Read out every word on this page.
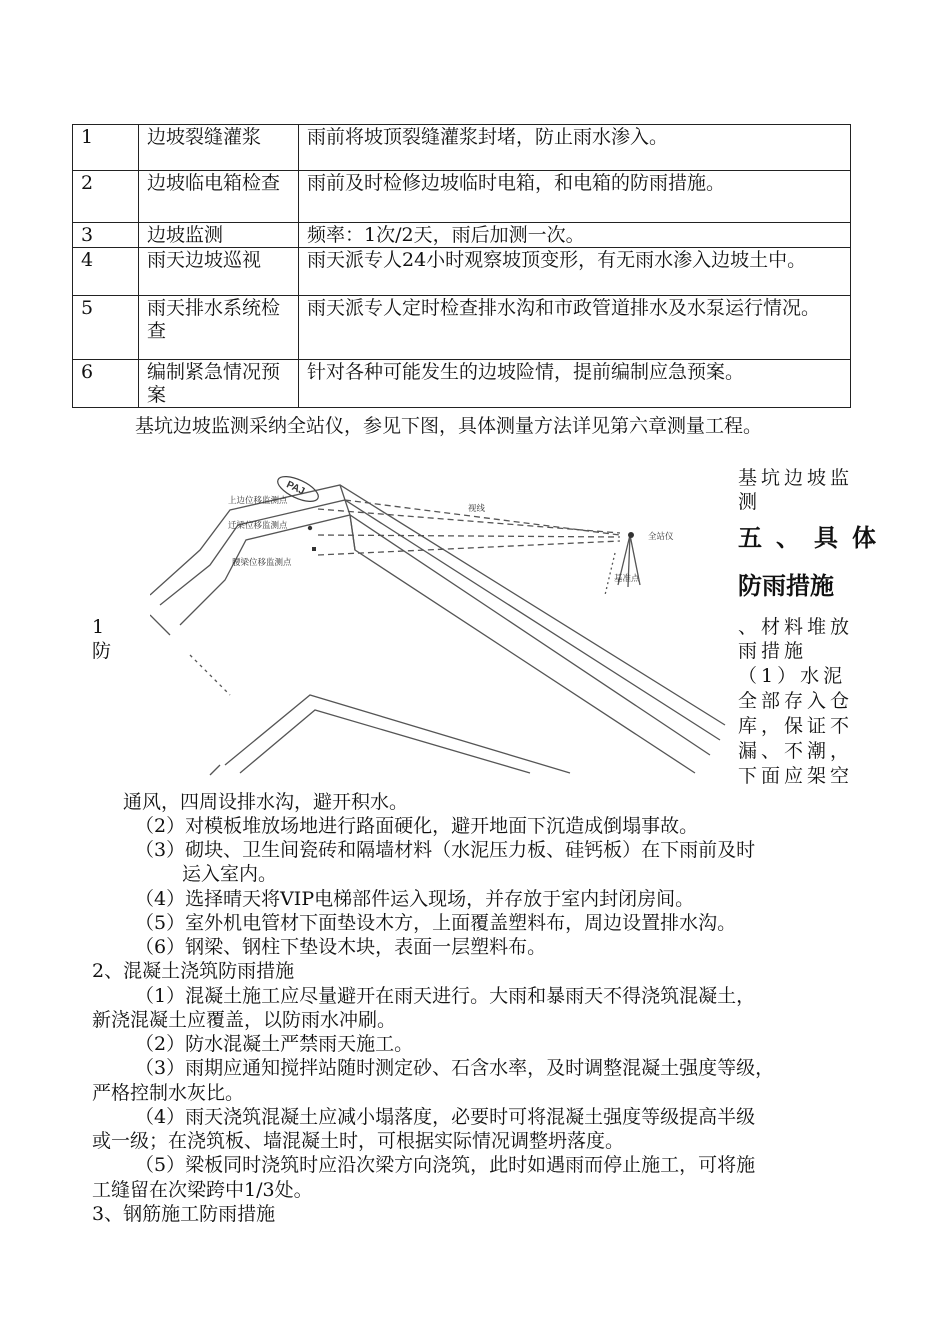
1	边坡裂缝灌浆	雨前将坡顶裂缝灌浆封堵，防止雨水渗入。
2	边坡临电箱检查	雨前及时检修边坡临时电箱，和电箱的防雨措施。
3	边坡监测	频率：1次/2天，雨后加测一次。
4	雨天边坡巡视	雨天派专人24小时观察坡顶变形，有无雨水渗入边坡土中。
5	雨天排水系统检查	雨天派专人定时检查排水沟和市政管道排水及水泵运行情况。
6	编制紧急情况预案	针对各种可能发生的边坡险情，提前编制应急预案。
基坑边坡监测采纳全站仪，参见下图，具体测量方法详见第六章测量工程。
PAJ
上边位移监测点
迁梁位移监测点
腰梁位移监测点
视线
全站仪
基准点
基坑边坡监
测
五、具体
防雨措施
、材料堆放
雨措施
（1）水泥
全部存入仓
库，保证不
漏、不潮，
下面应架空
1
防
通风，四周设排水沟，避开积水。
（2）对模板堆放场地进行路面硬化，避开地面下沉造成倒塌事故。
（3）砌块、卫生间瓷砖和隔墙材料（水泥压力板、硅钙板）在下雨前及时
运入室内。
（4）选择晴天将VIP电梯部件运入现场，并存放于室内封闭房间。
（5）室外机电管材下面垫设木方，上面覆盖塑料布，周边设置排水沟。
（6）钢梁、钢柱下垫设木块，表面一层塑料布。
2、混凝土浇筑防雨措施
（1）混凝土施工应尽量避开在雨天进行。大雨和暴雨天不得浇筑混凝土，
新浇混凝土应覆盖，以防雨水冲刷。
（2）防水混凝土严禁雨天施工。
（3）雨期应通知搅拌站随时测定砂、石含水率，及时调整混凝土强度等级，
严格控制水灰比。
（4）雨天浇筑混凝土应减小塌落度，必要时可将混凝土强度等级提高半级
或一级；在浇筑板、墙混凝土时，可根据实际情况调整坍落度。
（5）梁板同时浇筑时应沿次梁方向浇筑，此时如遇雨而停止施工，可将施
工缝留在次梁跨中1/3处。
3、钢筋施工防雨措施
